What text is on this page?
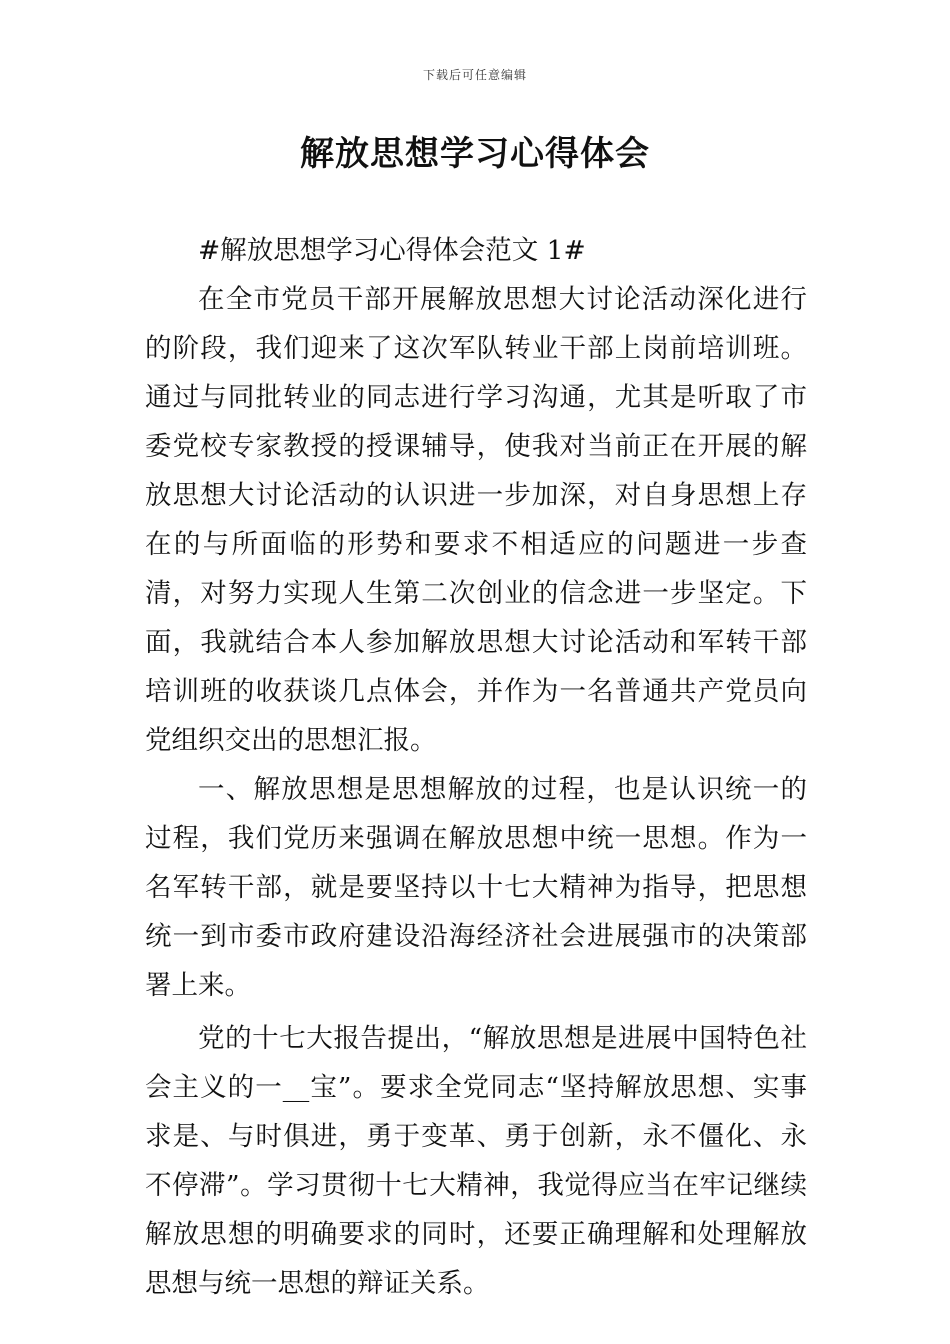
下载后可任意编辑
解放思想学习心得体会

#解放思想学习心得体会范文 1#

在全市党员干部开展解放思想大讨论活动深化进行的阶段，我们迎来了这次军队转业干部上岗前培训班。通过与同批转业的同志进行学习沟通，尤其是听取了市委党校专家教授的授课辅导，使我对当前正在开展的解放思想大讨论活动的认识进一步加深，对自身思想上存在的与所面临的形势和要求不相适应的问题进一步查清，对努力实现人生第二次创业的信念进一步坚定。下面，我就结合本人参加解放思想大讨论活动和军转干部培训班的收获谈几点体会，并作为一名普通共产党员向党组织交出的思想汇报。

一、解放思想是思想解放的过程，也是认识统一的过程，我们党历来强调在解放思想中统一思想。作为一名军转干部，就是要坚持以十七大精神为指导，把思想统一到市委市政府建设沿海经济社会进展强市的决策部署上来。

党的十七大报告提出，“解放思想是进展中国特色社会主义的一__宝”。要求全党同志“坚持解放思想、实事求是、与时俱进，勇于变革、勇于创新，永不僵化、永不停滞”。学习贯彻十七大精神，我觉得应当在牢记继续解放思想的明确要求的同时，还要正确理解和处理解放思想与统一思想的辩证关系。
